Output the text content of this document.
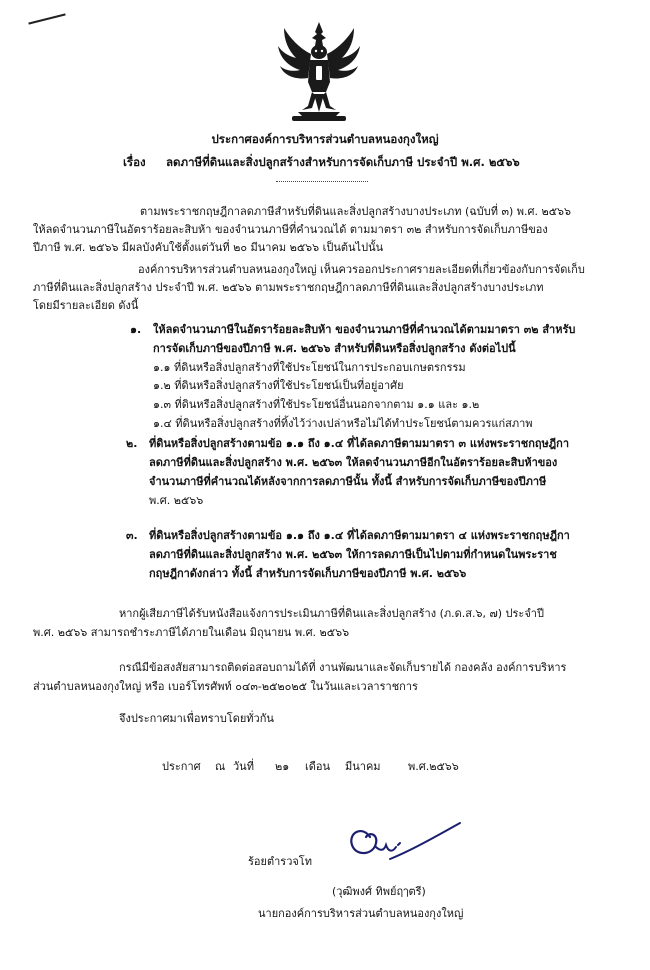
ประกาศองค์การบริหารส่วนตำบลหนองกุงใหญ่
เรื่อง ลดภาษีที่ดินและสิ่งปลูกสร้างสำหรับการจัดเก็บภาษี ประจำปี พ.ศ. ๒๕๖๖
ตามพระราชกฤษฎีกาลดภาษีสำหรับที่ดินและสิ่งปลูกสร้างบางประเภท (ฉบับที่ ๓) พ.ศ. ๒๕๖๖
ให้ลดจำนวนภาษีในอัตราร้อยละสิบห้า ของจำนวนภาษีที่คำนวณได้ ตามมาตรา ๓๒ สำหรับการจัดเก็บภาษีของ
ปีภาษี พ.ศ. ๒๕๖๖ มีผลบังคับใช้ตั้งแต่วันที่ ๒๐ มีนาคม ๒๕๖๖ เป็นต้นไปนั้น
องค์การบริหารส่วนตำบลหนองกุงใหญ่ เห็นควรออกประกาศรายละเอียดที่เกี่ยวข้องกับการจัดเก็บ
ภาษีที่ดินและสิ่งปลูกสร้าง ประจำปี พ.ศ. ๒๕๖๖ ตามพระราชกฤษฎีกาลดภาษีที่ดินและสิ่งปลูกสร้างบางประเภท
โดยมีรายละเอียด ดังนี้
๑. ให้ลดจำนวนภาษีในอัตราร้อยละสิบห้า ของจำนวนภาษีที่คำนวณได้ตามมาตรา ๓๒ สำหรับ
การจัดเก็บภาษีของปีภาษี พ.ศ. ๒๕๖๖ สำหรับที่ดินหรือสิ่งปลูกสร้าง ดังต่อไปนี้
๑.๑ ที่ดินหรือสิ่งปลูกสร้างที่ใช้ประโยชน์ในการประกอบเกษตรกรรม
๑.๒ ที่ดินหรือสิ่งปลูกสร้างที่ใช้ประโยชน์เป็นที่อยู่อาศัย
๑.๓ ที่ดินหรือสิ่งปลูกสร้างที่ใช้ประโยชน์อื่นนอกจากตาม ๑.๑ และ ๑.๒
๑.๔ ที่ดินหรือสิ่งปลูกสร้างที่ทิ้งไว้ว่างเปล่าหรือไม่ได้ทำประโยชน์ตามควรแก่สภาพ
๒. ที่ดินหรือสิ่งปลูกสร้างตามข้อ ๑.๑ ถึง ๑.๔ ที่ได้ลดภาษีตามมาตรา ๓ แห่งพระราชกฤษฎีกา
ลดภาษีที่ดินและสิ่งปลูกสร้าง พ.ศ. ๒๕๖๓ ให้ลดจำนวนภาษีอีกในอัตราร้อยละสิบห้าของ
จำนวนภาษีที่คำนวณได้หลังจากการลดภาษีนั้น ทั้งนี้ สำหรับการจัดเก็บภาษีของปีภาษี
พ.ศ. ๒๕๖๖
๓. ที่ดินหรือสิ่งปลูกสร้างตามข้อ ๑.๑ ถึง ๑.๔ ที่ได้ลดภาษีตามมาตรา ๔ แห่งพระราชกฤษฎีกา
ลดภาษีที่ดินและสิ่งปลูกสร้าง พ.ศ. ๒๕๖๓ ให้การลดภาษีเป็นไปตามที่กำหนดในพระราช
กฤษฎีกาดังกล่าว ทั้งนี้ สำหรับการจัดเก็บภาษีของปีภาษี พ.ศ. ๒๕๖๖
หากผู้เสียภาษีได้รับหนังสือแจ้งการประเมินภาษีที่ดินและสิ่งปลูกสร้าง (ภ.ด.ส.๖, ๗) ประจำปี
พ.ศ. ๒๕๖๖ สามารถชำระภาษีได้ภายในเดือน มิถุนายน พ.ศ. ๒๕๖๖
กรณีมีข้อสงสัยสามารถติดต่อสอบถามได้ที่ งานพัฒนาและจัดเก็บรายได้ กองคลัง องค์การบริหาร
ส่วนตำบลหนองกุงใหญ่ หรือ เบอร์โทรศัพท์ ๐๔๓-๒๕๒๐๒๕ ในวันและเวลาราชการ
จึงประกาศมาเพื่อทราบโดยทั่วกัน
ประกาศ ณ วันที่ ๒๑ เดือน มีนาคม พ.ศ.๒๕๖๖
ร้อยตำรวจโท
(วุฒิพงศ์ ทิพย์ฤๅตรี)
นายกองค์การบริหารส่วนตำบลหนองกุงใหญ่
